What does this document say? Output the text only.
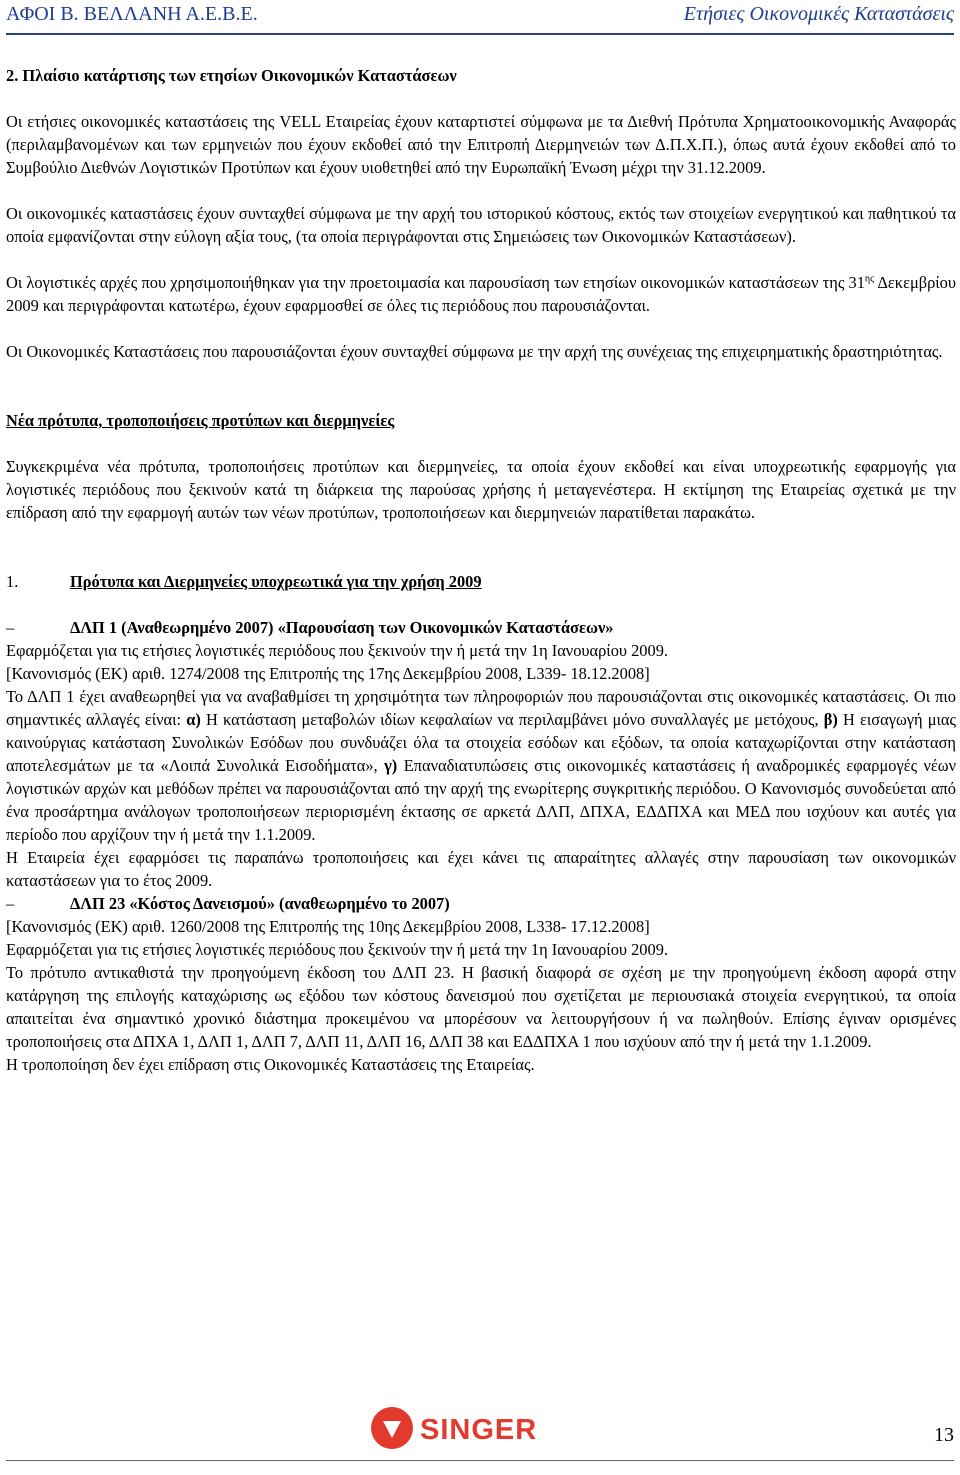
ΑΦΟΙ Β. ΒΕΛΛΑΝΗ Α.Ε.Β.Ε.	Ετήσιες Οικονομικές Καταστάσεις
2. Πλαίσιο κατάρτισης των ετησίων Οικονομικών Καταστάσεων

Οι ετήσιες οικονομικές καταστάσεις της VELL Εταιρείας έχουν καταρτιστεί σύμφωνα με τα Διεθνή Πρότυπα Χρηματοοικονομικής Αναφοράς (περιλαμβανομένων και των ερμηνειών που έχουν εκδοθεί από την Επιτροπή Διερμηνειών των Δ.Π.Χ.Π.), όπως αυτά έχουν εκδοθεί από το Συμβούλιο Διεθνών Λογιστικών Προτύπων και έχουν υιοθετηθεί από την Ευρωπαϊκή Ένωση μέχρι την 31.12.2009.

Οι οικονομικές καταστάσεις έχουν συνταχθεί σύμφωνα με την αρχή του ιστορικού κόστους, εκτός των στοιχείων ενεργητικού και παθητικού τα οποία εμφανίζονται στην εύλογη αξία τους, (τα οποία περιγράφονται στις Σημειώσεις των Οικονομικών Καταστάσεων).

Οι λογιστικές αρχές που χρησιμοποιήθηκαν για την προετοιμασία και παρουσίαση των ετησίων οικονομικών καταστάσεων της $31^{\eta\varsigma}$ Δεκεμβρίου 2009 και περιγράφονται κατωτέρω, έχουν εφαρμοσθεί σε όλες τις περιόδους που παρουσιάζονται.

Οι Οικονομικές Καταστάσεις που παρουσιάζονται έχουν συνταχθεί σύμφωνα με την αρχή της συνέχειας της επιχειρηματικής δραστηριότητας.

Νέα πρότυπα, τροποποιήσεις προτύπων και διερμηνείες

Συγκεκριμένα νέα πρότυπα, τροποποιήσεις προτύπων και διερμηνείες, τα οποία έχουν εκδοθεί και είναι υποχρεωτικής εφαρμογής για λογιστικές περιόδους που ξεκινούν κατά τη διάρκεια της παρούσας χρήσης ή μεταγενέστερα. Η εκτίμηση της Εταιρείας σχετικά με την επίδραση από την εφαρμογή αυτών των νέων προτύπων, τροποποιήσεων και διερμηνειών παρατίθεται παρακάτω.

1.	Πρότυπα και Διερμηνείες υποχρεωτικά για την χρήση 2009
–	ΔΛΠ 1 (Αναθεωρημένο 2007) «Παρουσίαση των Οικονομικών Καταστάσεων»
Εφαρμόζεται για τις ετήσιες λογιστικές περιόδους που ξεκινούν την ή μετά την 1η Ιανουαρίου 2009.
[Κανονισμός (ΕΚ) αριθ. 1274/2008 της Επιτροπής της 17ης Δεκεμβρίου 2008, L339- 18.12.2008]

Το ΔΛΠ 1 έχει αναθεωρηθεί για να αναβαθμίσει τη χρησιμότητα των πληροφοριών που παρουσιάζονται στις οικονομικές καταστάσεις. Οι πιο σημαντικές αλλαγές είναι: α) Η κατάσταση μεταβολών ιδίων κεφαλαίων να περιλαμβάνει μόνο συναλλαγές με μετόχους, β) Η εισαγωγή μιας καινούργιας κατάσταση Συνολικών Εσόδων που συνδυάζει όλα τα στοιχεία εσόδων και εξόδων, τα οποία καταχωρίζονται στην κατάσταση αποτελεσμάτων με τα «Λοιπά Συνολικά Εισοδήματα», γ) Επαναδιατυπώσεις στις οικονομικές καταστάσεις ή αναδρομικές εφαρμογές νέων λογιστικών αρχών και μεθόδων πρέπει να παρουσιάζονται από την αρχή της ενωρίτερης συγκριτικής περιόδου. Ο Κανονισμός συνοδεύεται από ένα προσάρτημα ανάλογων τροποποιήσεων περιορισμένη έκτασης σε αρκετά ΔΛΠ, ΔΠΧΑ, ΕΔΔΠΧΑ και ΜΕΔ που ισχύουν και αυτές για περίοδο που αρχίζουν την ή μετά την 1.1.2009.

Η Εταιρεία έχει εφαρμόσει τις παραπάνω τροποποιήσεις και έχει κάνει τις απαραίτητες αλλαγές στην παρουσίαση των οικονομικών καταστάσεων για το έτος 2009.

–	ΔΛΠ 23 «Κόστος Δανεισμού» (αναθεωρημένο το 2007)
[Κανονισμός (ΕΚ) αριθ. 1260/2008 της Επιτροπής της 10ης Δεκεμβρίου 2008, L338- 17.12.2008]
Εφαρμόζεται για τις ετήσιες λογιστικές περιόδους που ξεκινούν την ή μετά την 1η Ιανουαρίου 2009.

Το πρότυπο αντικαθιστά την προηγούμενη έκδοση του ΔΛΠ 23. Η βασική διαφορά σε σχέση με την προηγούμενη έκδοση αφορά στην κατάργηση της επιλογής καταχώρισης ως εξόδου των κόστους δανεισμού που σχετίζεται με περιουσιακά στοιχεία ενεργητικού, τα οποία απαιτείται ένα σημαντικό χρονικό διάστημα προκειμένου να μπορέσουν να λειτουργήσουν ή να πωληθούν. Επίσης έγιναν ορισμένες τροποποιήσεις στα ΔΠΧΑ 1, ΔΛΠ 1, ΔΛΠ 7, ΔΛΠ 11, ΔΛΠ 16, ΔΛΠ 38 και ΕΔΔΠΧΑ 1 που ισχύουν από την ή μετά την 1.1.2009.

Η τροποποίηση δεν έχει επίδραση στις Οικονομικές Καταστάσεις της Εταιρείας.

SINGER	13
